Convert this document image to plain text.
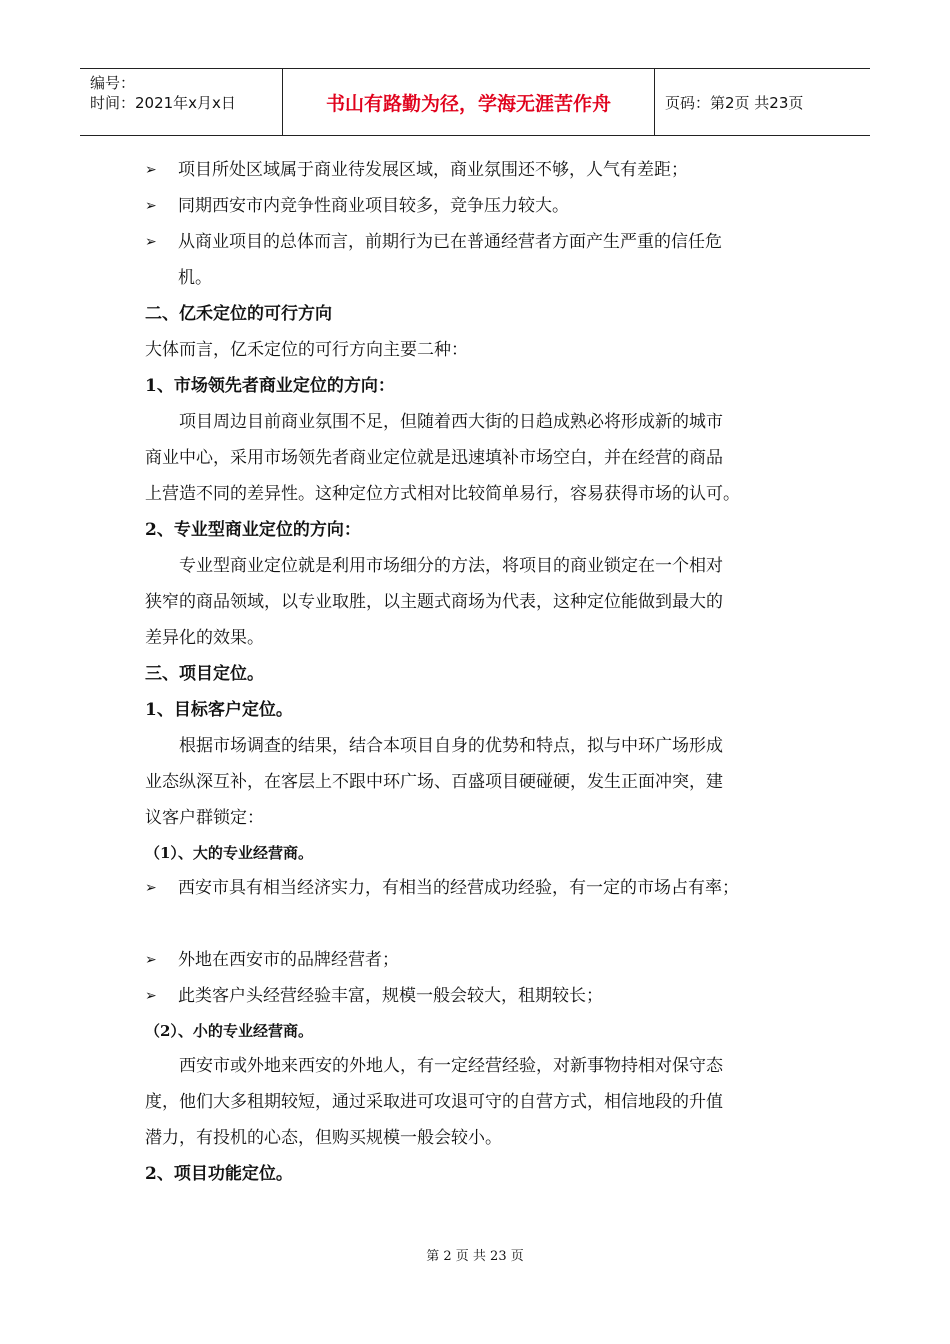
编号：
时间：2021年x月x日	书山有路勤为径，学海无涯苦作舟	页码：第2页 共23页
➢ 项目所处区域属于商业待发展区域，商业氛围还不够，人气有差距；
➢ 同期西安市内竞争性商业项目较多，竞争压力较大。
➢ 从商业项目的总体而言，前期行为已在普通经营者方面产生严重的信任危
机。
二、亿禾定位的可行方向
大体而言，亿禾定位的可行方向主要二种：
1、市场领先者商业定位的方向：
项目周边目前商业氛围不足，但随着西大街的日趋成熟必将形成新的城市
商业中心，采用市场领先者商业定位就是迅速填补市场空白，并在经营的商品
上营造不同的差异性。这种定位方式相对比较简单易行，容易获得市场的认可。
2、专业型商业定位的方向：
专业型商业定位就是利用市场细分的方法，将项目的商业锁定在一个相对
狭窄的商品领域，以专业取胜，以主题式商场为代表，这种定位能做到最大的
差异化的效果。
三、项目定位。
1、目标客户定位。
根据市场调查的结果，结合本项目自身的优势和特点，拟与中环广场形成
业态纵深互补，在客层上不跟中环广场、百盛项目硬碰硬，发生正面冲突，建
议客户群锁定：
（1）、大的专业经营商。
➢ 西安市具有相当经济实力，有相当的经营成功经验，有一定的市场占有率；
➢ 外地在西安市的品牌经营者；
➢ 此类客户头经营经验丰富，规模一般会较大，租期较长；
（2）、小的专业经营商。
西安市或外地来西安的外地人，有一定经营经验，对新事物持相对保守态
度，他们大多租期较短，通过采取进可攻退可守的自营方式，相信地段的升值
潜力，有投机的心态，但购买规模一般会较小。
2、项目功能定位。
第 2 页 共 23 页
